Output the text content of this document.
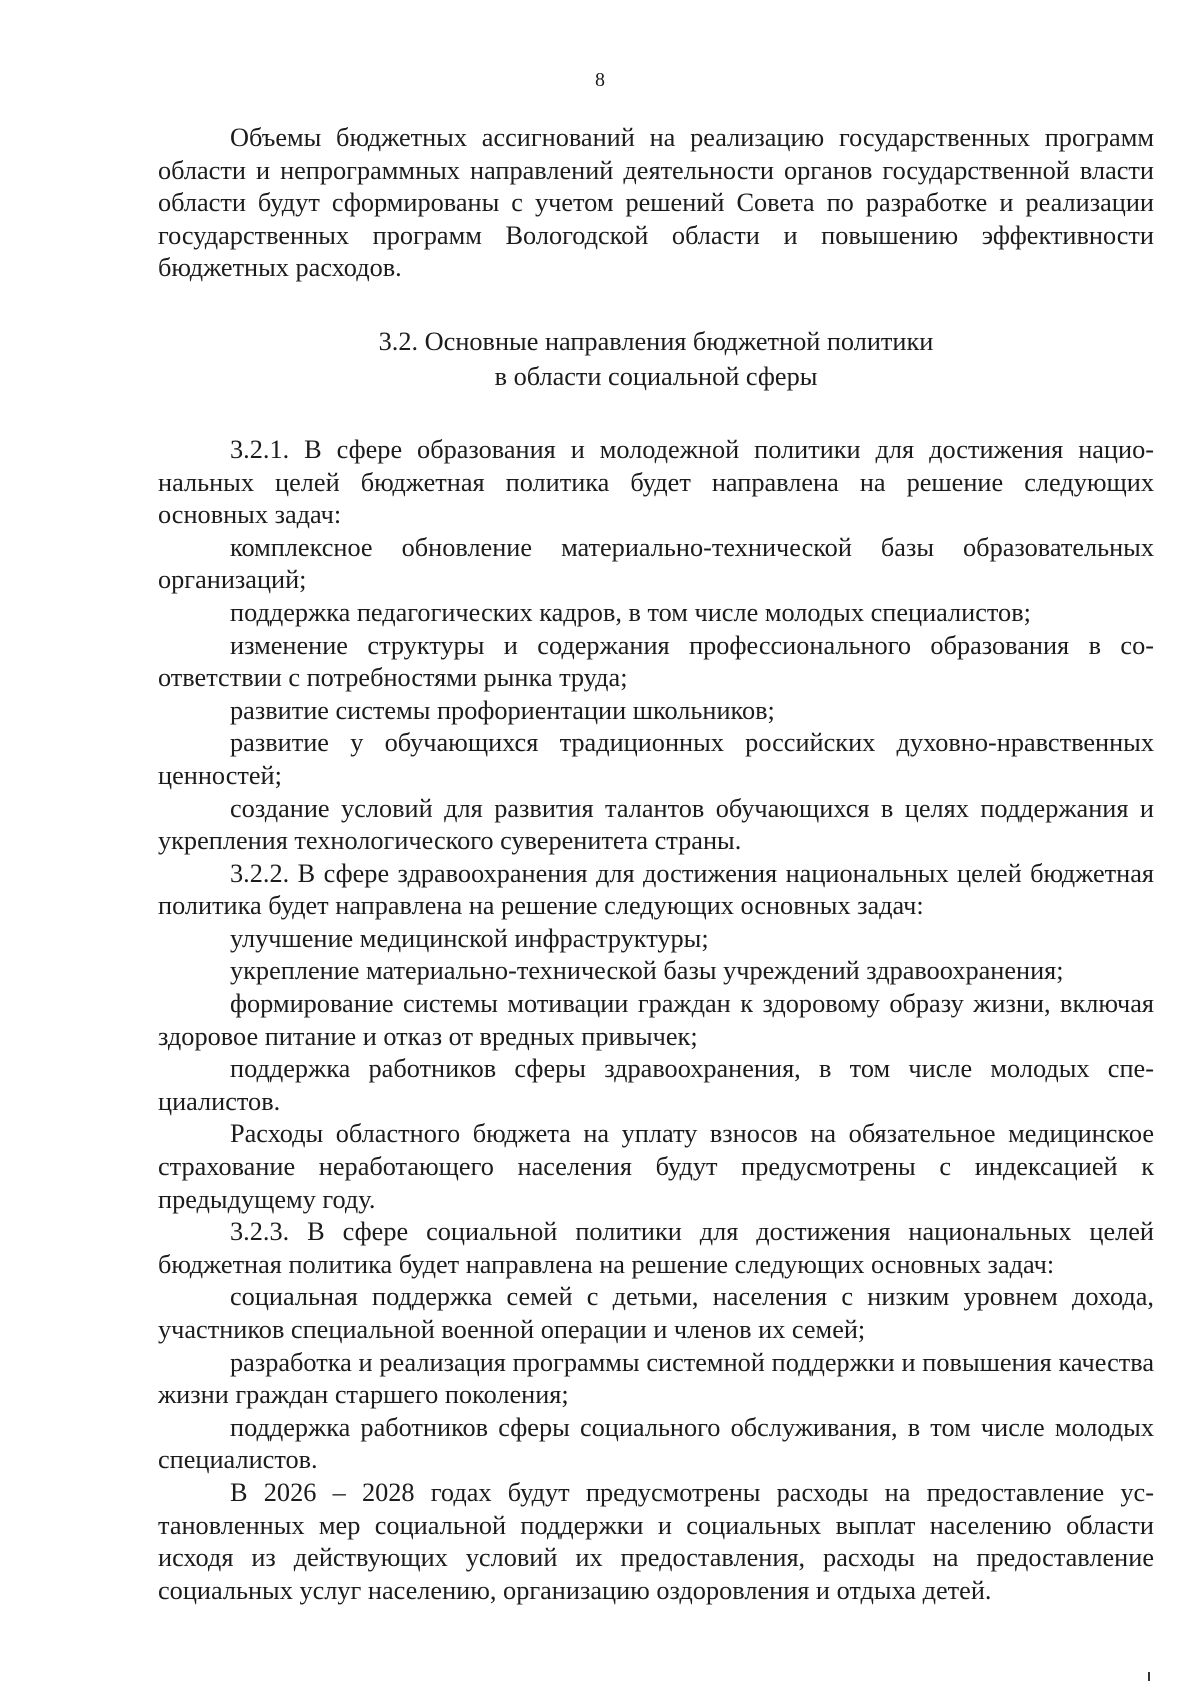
8

Объемы бюджетных ассигнований на реализацию государственных программ области и непрограммных направлений деятельности органов государственной власти области будут сформированы с учетом решений Совета по разработке и реализации государственных программ Вологодской области и повышению эффективности бюджетных расходов.

3.2. Основные направления бюджетной политики
в области социальной сферы

3.2.1. В сфере образования и молодежной политики для достижения национальных целей бюджетная политика будет направлена на решение следующих основных задач:

комплексное обновление материально-технической базы образовательных организаций;

поддержка педагогических кадров, в том числе молодых специалистов;

изменение структуры и содержания профессионального образования в соответствии с потребностями рынка труда;

развитие системы профориентации школьников;

развитие у обучающихся традиционных российских духовно-нравственных ценностей;

создание условий для развития талантов обучающихся в целях поддержания и укрепления технологического суверенитета страны.

3.2.2. В сфере здравоохранения для достижения национальных целей бюджетная политика будет направлена на решение следующих основных задач:

улучшение медицинской инфраструктуры;

укрепление материально-технической базы учреждений здравоохранения;

формирование системы мотивации граждан к здоровому образу жизни, включая здоровое питание и отказ от вредных привычек;

поддержка работников сферы здравоохранения, в том числе молодых специалистов.

Расходы областного бюджета на уплату взносов на обязательное медицинское страхование неработающего населения будут предусмотрены с индексацией к предыдущему году.

3.2.3. В сфере социальной политики для достижения национальных целей бюджетная политика будет направлена на решение следующих основных задач:

социальная поддержка семей с детьми, населения с низким уровнем дохода, участников специальной военной операции и членов их семей;

разработка и реализация программы системной поддержки и повышения качества жизни граждан старшего поколения;

поддержка работников сферы социального обслуживания, в том числе молодых специалистов.

В 2026 – 2028 годах будут предусмотрены расходы на предоставление установленных мер социальной поддержки и социальных выплат населению области исходя из действующих условий их предоставления, расходы на предоставление социальных услуг населению, организацию оздоровления и отдыха детей.
